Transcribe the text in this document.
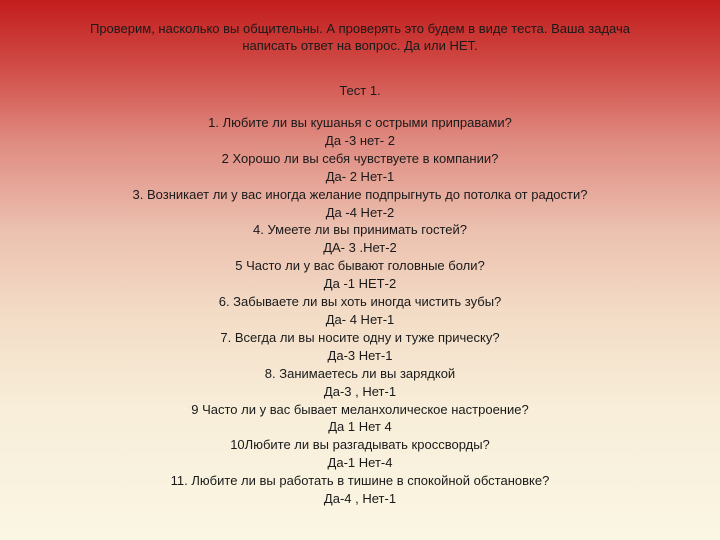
Проверим, насколько вы общительны. А проверять это будем в виде теста. Ваша задача
написать ответ на вопрос. Да или НЕТ.
Тест 1.
1. Любите ли вы кушанья с острыми приправами?
Да -3 нет- 2
2 Хорошо ли вы себя чувствуете в компании?
Да- 2 Нет-1
3. Возникает ли у вас иногда желание подпрыгнуть до потолка от радости?
Да -4 Нет-2
4. Умеете ли вы принимать гостей?
ДА- 3 .Нет-2
5 Часто ли у вас бывают головные боли?
Да -1 НЕТ-2
6. Забываете ли вы хоть иногда чистить зубы?
Да- 4 Нет-1
7. Всегда ли вы носите одну и туже прическу?
Да-3 Нет-1
8. Занимаетесь ли вы зарядкой
Да-3 , Нет-1
9 Часто ли у вас бывает меланхолическое настроение?
Да 1 Нет 4
10Любите ли вы разгадывать кроссворды?
Да-1 Нет-4
11. Любите ли вы работать в тишине в спокойной обстановке?
Да-4 , Нет-1
